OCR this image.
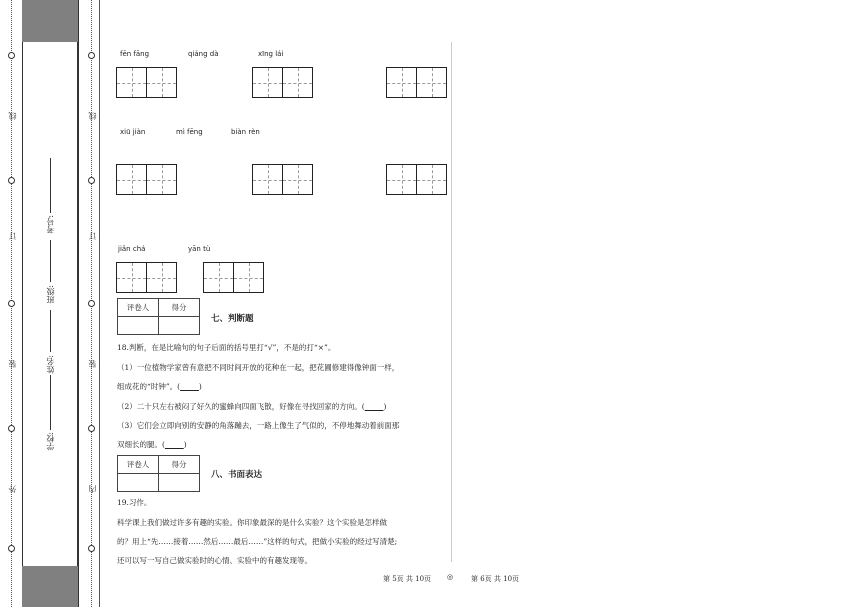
线
订
装
外
线
订
装
内
学校:
姓名:
班级:
考号:
fēn fāng	qiáng dà	xīng lái
xiū jiàn	mì fēng	biàn rèn
jiǎn chá	yān tù
评卷人	得分

七、判断题
18.判断，在是比喻句的句子后面的括号里打“√”，不是的打“×”。
（1）一位植物学家曾有意把不同时间开放的花种在一起，把花圃修建得像钟面一样，
组成花的“时钟”。(_____)
（2）二十只左右被闷了好久的蜜蜂向四面飞散，好像在寻找回家的方向。(_____)
（3）它们会立即向别的安静的角落蹦去，一路上像生了气似的，不停地舞动着前面那
双细长的腿。(_____)
评卷人	得分

八、书面表达
19.习作。
科学课上我们做过许多有趣的实验。你印象最深的是什么实验？这个实验是怎样做
的？用上“先……接着……然后……最后……”这样的句式，把做小实验的经过写清楚;
还可以写一写自己做实验时的心情、实验中的有趣发现等。
第 5页 共 10页 ◎	第 6页 共 10页
